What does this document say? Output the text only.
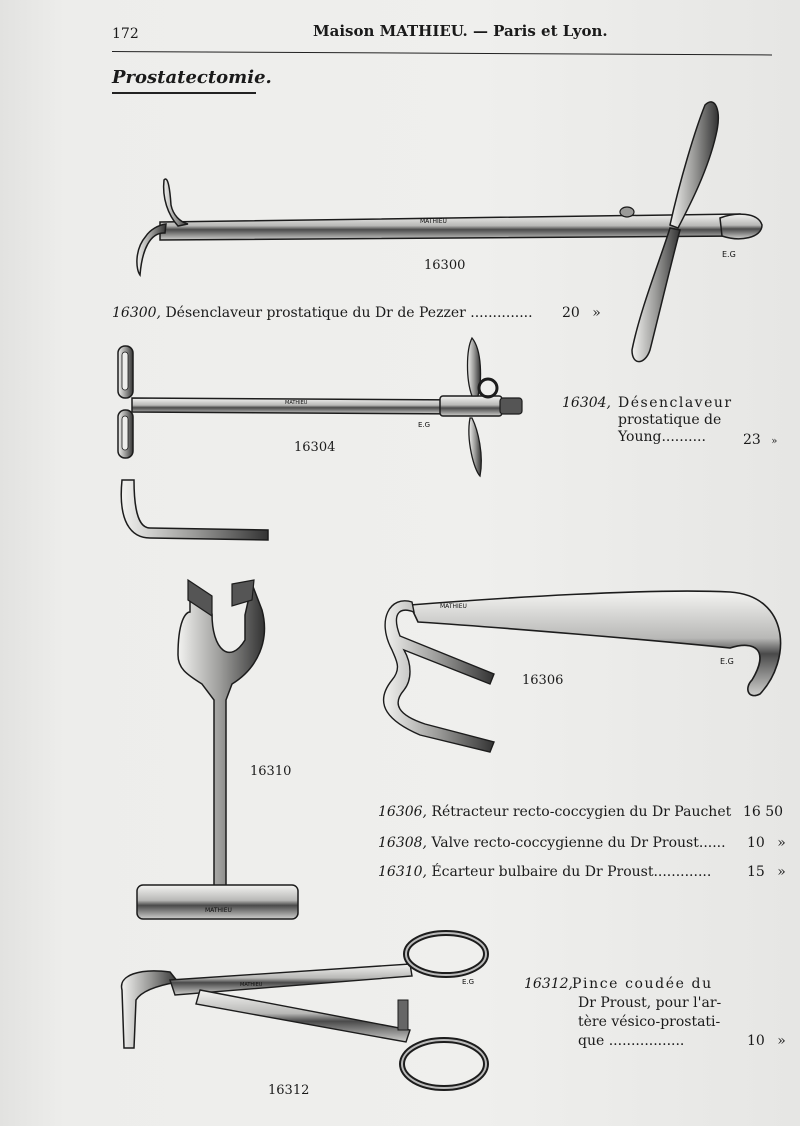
172	Maison MATHIEU. — Paris et Lyon.
Prostatectomie.
MATHIEU
E.G
MATHIEU
E.G
MATHIEU
MATHIEU
E.G
MATHIEU	E.G
16300
16304
16306
16310
16312
16300, Désenclaveur prostatique du Dr de Pezzer .............. 20 »
16304, Désenclaveur
prostatique de
Young..........	23 »
16306, Rétracteur recto-coccygien du Dr Pauchet 16 50
16308, Valve recto-coccygienne du Dr Proust...... 10 »
16310, Écarteur bulbaire du Dr Proust.............	15 »
16312, Pince coudée du
Dr Proust, pour l'ar-
tère vésico-prostati-
que .................	10 »
